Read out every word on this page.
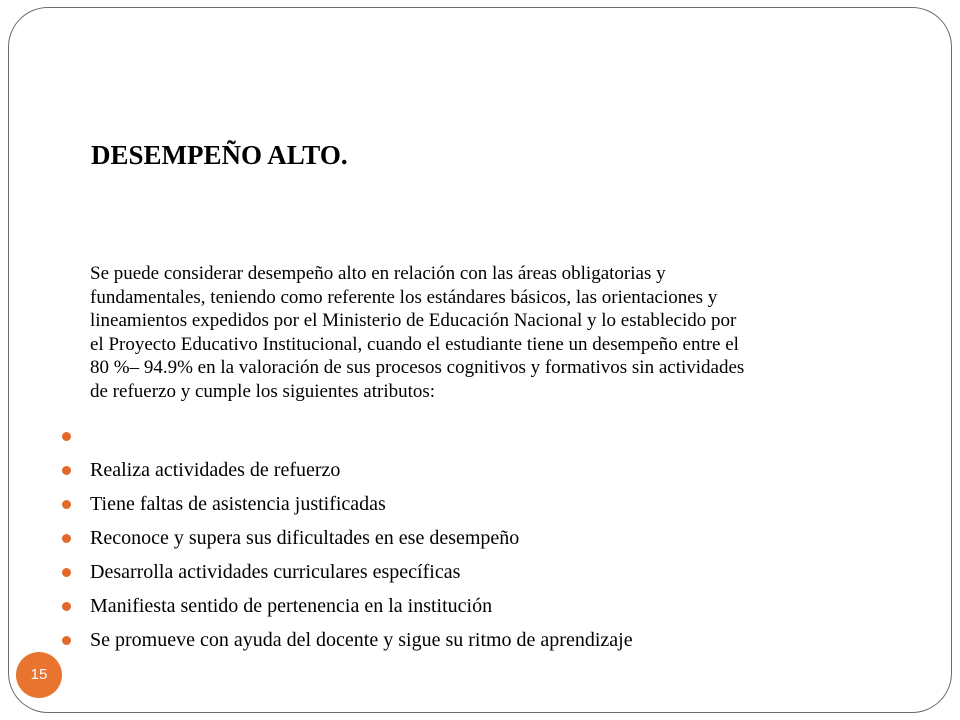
DESEMPEÑO ALTO.

Se puede considerar desempeño alto en relación con las áreas obligatorias y
fundamentales, teniendo como referente los estándares básicos, las orientaciones y
lineamientos expedidos por el Ministerio de Educación Nacional y lo establecido por
el Proyecto Educativo Institucional, cuando el estudiante tiene un desempeño entre el
80 %– 94.9% en la valoración de sus procesos cognitivos y formativos sin actividades
de refuerzo y cumple los siguientes atributos:

Realiza actividades de refuerzo
Tiene faltas de asistencia justificadas
Reconoce y supera sus dificultades en ese desempeño
Desarrolla actividades curriculares específicas
Manifiesta sentido de pertenencia en la institución
Se promueve con ayuda del docente y sigue su ritmo de aprendizaje
15
